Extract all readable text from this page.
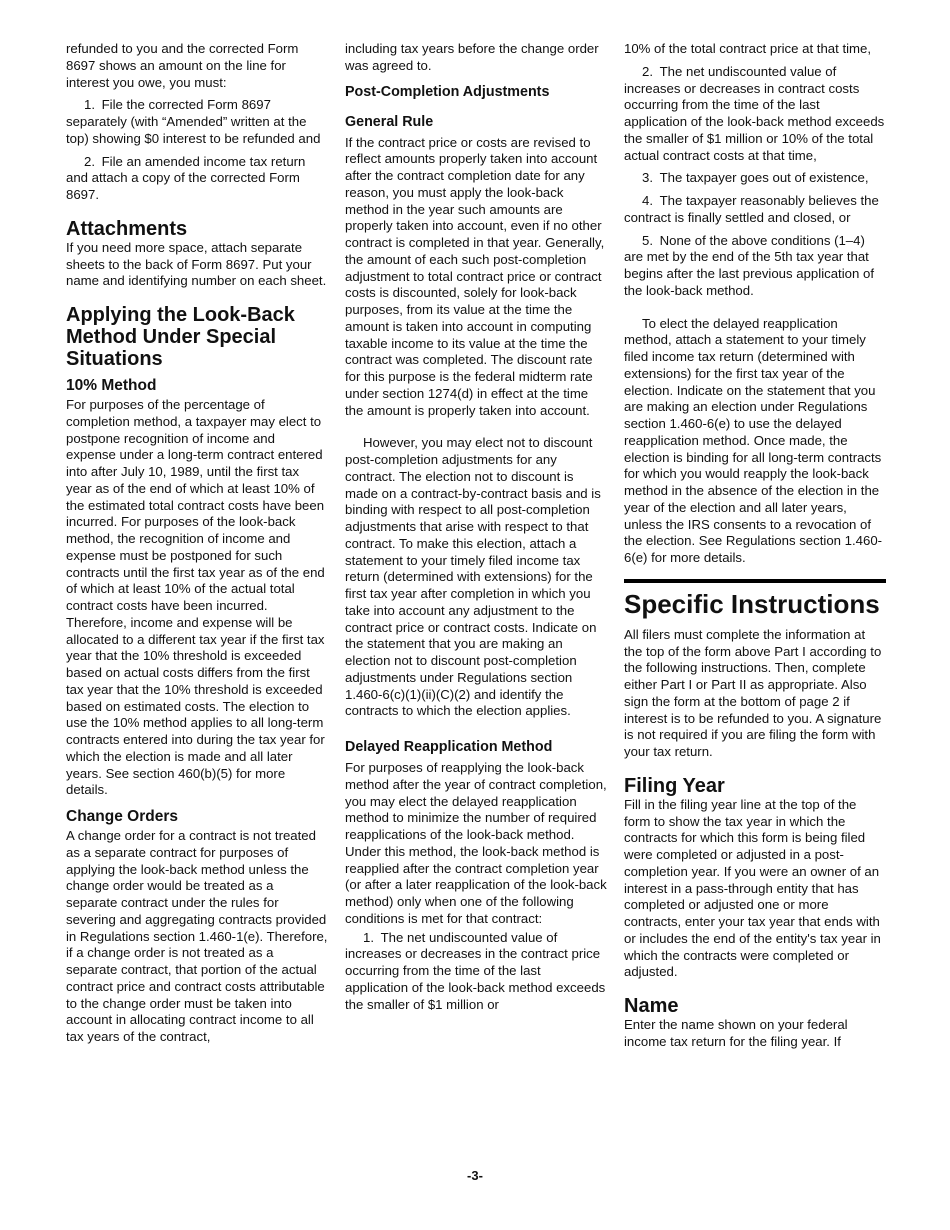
refunded to you and the corrected Form 8697 shows an amount on the line for interest you owe, you must:

1. File the corrected Form 8697 separately (with “Amended” written at the top) showing $0 interest to be refunded and

2. File an amended income tax return and attach a copy of the corrected Form 8697.

Attachments

If you need more space, attach separate sheets to the back of Form 8697. Put your name and identifying number on each sheet.

Applying the Look-Back Method Under Special Situations

10% Method

For purposes of the percentage of completion method, a taxpayer may elect to postpone recognition of income and expense under a long-term contract entered into after July 10, 1989, until the first tax year as of the end of which at least 10% of the estimated total contract costs have been incurred. For purposes of the look-back method, the recognition of income and expense must be postponed for such contracts until the first tax year as of the end of which at least 10% of the actual total contract costs have been incurred. Therefore, income and expense will be allocated to a different tax year if the first tax year that the 10% threshold is exceeded based on actual costs differs from the first tax year that the 10% threshold is exceeded based on estimated costs. The election to use the 10% method applies to all long-term contracts entered into during the tax year for which the election is made and all later years. See section 460(b)(5) for more details.

Change Orders

A change order for a contract is not treated as a separate contract for purposes of applying the look-back method unless the change order would be treated as a separate contract under the rules for severing and aggregating contracts provided in Regulations section 1.460-1(e). Therefore, if a change order is not treated as a separate contract, that portion of the actual contract price and contract costs attributable to the change order must be taken into account in allocating contract income to all tax years of the contract,

including tax years before the change order was agreed to.

Post-Completion Adjustments

General Rule

If the contract price or costs are revised to reflect amounts properly taken into account after the contract completion date for any reason, you must apply the look-back method in the year such amounts are properly taken into account, even if no other contract is completed in that year. Generally, the amount of each such post-completion adjustment to total contract price or contract costs is discounted, solely for look-back purposes, from its value at the time the amount is taken into account in computing taxable income to its value at the time the contract was completed. The discount rate for this purpose is the federal midterm rate under section 1274(d) in effect at the time the amount is properly taken into account.

However, you may elect not to discount post-completion adjustments for any contract. The election not to discount is made on a contract-by-contract basis and is binding with respect to all post-completion adjustments that arise with respect to that contract. To make this election, attach a statement to your timely filed income tax return (determined with extensions) for the first tax year after completion in which you take into account any adjustment to the contract price or contract costs. Indicate on the statement that you are making an election not to discount post-completion adjustments under Regulations section 1.460-6(c)(1)(ii)(C)(2) and identify the contracts to which the election applies.

Delayed Reapplication Method

For purposes of reapplying the look-back method after the year of contract completion, you may elect the delayed reapplication method to minimize the number of required reapplications of the look-back method. Under this method, the look-back method is reapplied after the contract completion year (or after a later reapplication of the look-back method) only when one of the following conditions is met for that contract:

1. The net undiscounted value of increases or decreases in the contract price occurring from the time of the last application of the look-back method exceeds the smaller of $1 million or

10% of the total contract price at that time,

2. The net undiscounted value of increases or decreases in contract costs occurring from the time of the last application of the look-back method exceeds the smaller of $1 million or 10% of the total actual contract costs at that time,

3. The taxpayer goes out of existence,

4. The taxpayer reasonably believes the contract is finally settled and closed, or

5. None of the above conditions (1–4) are met by the end of the 5th tax year that begins after the last previous application of the look-back method.

To elect the delayed reapplication method, attach a statement to your timely filed income tax return (determined with extensions) for the first tax year of the election. Indicate on the statement that you are making an election under Regulations section 1.460-6(e) to use the delayed reapplication method. Once made, the election is binding for all long-term contracts for which you would reapply the look-back method in the absence of the election in the year of the election and all later years, unless the IRS consents to a revocation of the election. See Regulations section 1.460-6(e) for more details.

Specific Instructions

All filers must complete the information at the top of the form above Part I according to the following instructions. Then, complete either Part I or Part II as appropriate. Also sign the form at the bottom of page 2 if interest is to be refunded to you. A signature is not required if you are filing the form with your tax return.

Filing Year

Fill in the filing year line at the top of the form to show the tax year in which the contracts for which this form is being filed were completed or adjusted in a post-completion year. If you were an owner of an interest in a pass-through entity that has completed or adjusted one or more contracts, enter your tax year that ends with or includes the end of the entity's tax year in which the contracts were completed or adjusted.

Name

Enter the name shown on your federal income tax return for the filing year. If

-3-
